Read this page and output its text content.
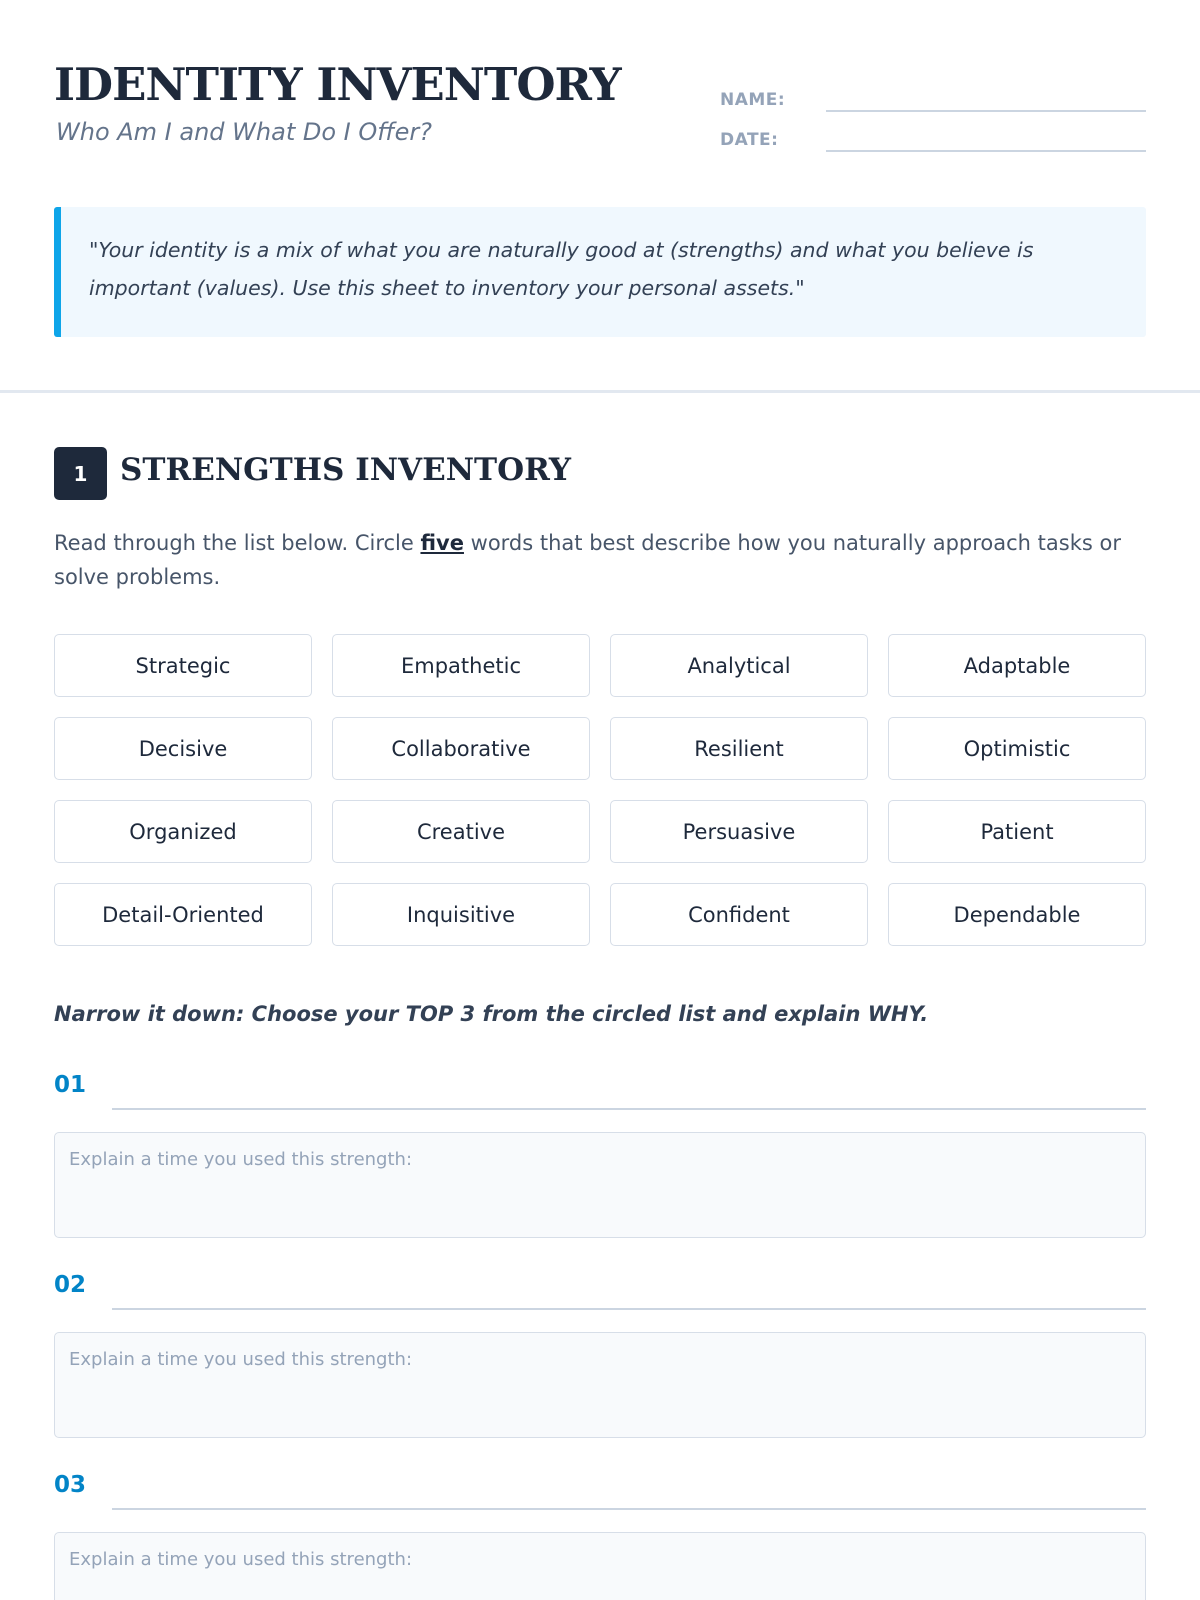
IDENTITY INVENTORY
Who Am I and What Do I Offer?
NAME:
DATE:

"Your identity is a mix of what you are naturally good at (strengths) and what you believe is important (values). Use this sheet to inventory your personal assets."

1	STRENGTHS INVENTORY

Read through the list below. Circle five words that best describe how you naturally approach tasks or solve problems.

Strategic	Empathetic	Analytical	Adaptable
Decisive	Collaborative	Resilient	Optimistic
Organized	Creative	Persuasive	Patient
Detail-Oriented	Inquisitive	Confident	Dependable

Narrow it down: Choose your TOP 3 from the circled list and explain WHY.

01
Explain a time you used this strength:
02
Explain a time you used this strength:
03
Explain a time you used this strength:
